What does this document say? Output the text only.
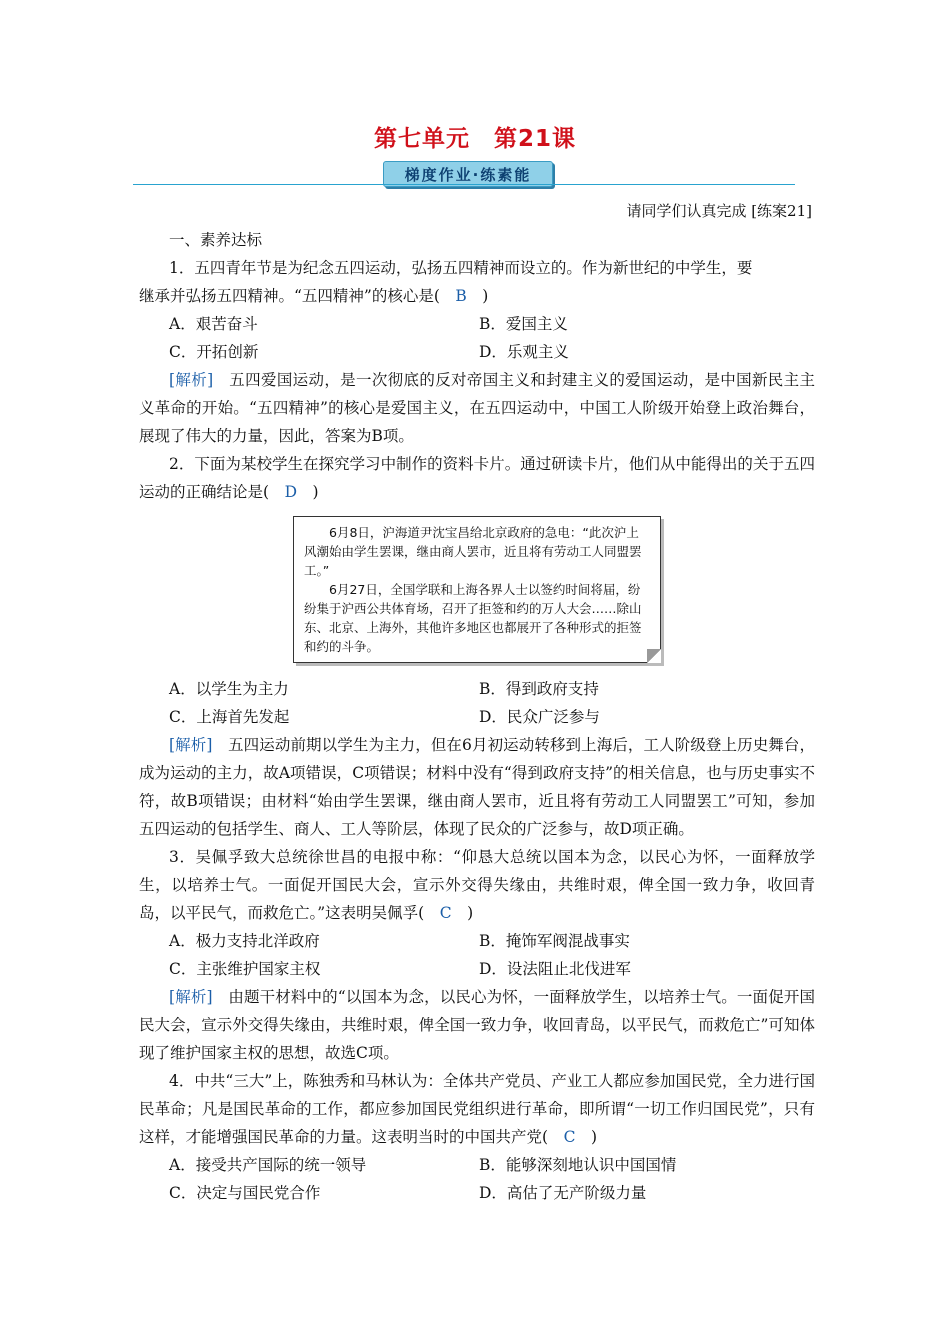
第七单元　第21课
梯度作业·练素能
请同学们认真完成 [练案21]
一、素养达标

1．五四青年节是为纪念五四运动，弘扬五四精神而设立的。作为新世纪的中学生，要

继承并弘扬五四精神。“五四精神”的核心是(　B　)

A．艰苦奋斗	B．爱国主义
C．开拓创新	D．乐观主义

[解析]　五四爱国运动，是一次彻底的反对帝国主义和封建主义的爱国运动，是中国新民主主义革命的开始。“五四精神”的核心是爱国主义，在五四运动中，中国工人阶级开始登上政治舞台，展现了伟大的力量，因此，答案为B项。

2．下面为某校学生在探究学习中制作的资料卡片。通过研读卡片，他们从中能得出的关于五四运动的正确结论是(　D　)

6月8日，沪海道尹沈宝昌给北京政府的急电：“此次沪上风潮始由学生罢课，继由商人罢市，近且将有劳动工人同盟罢工。”

6月27日，全国学联和上海各界人士以签约时间将届，纷纷集于沪西公共体育场，召开了拒签和约的万人大会……除山东、北京、上海外，其他许多地区也都展开了各种形式的拒签和约的斗争。

A．以学生为主力	B．得到政府支持
C．上海首先发起	D．民众广泛参与

[解析]　五四运动前期以学生为主力，但在6月初运动转移到上海后，工人阶级登上历史舞台，成为运动的主力，故A项错误，C项错误；材料中没有“得到政府支持”的相关信息，也与历史事实不符，故B项错误；由材料“始由学生罢课，继由商人罢市，近且将有劳动工人同盟罢工”可知，参加五四运动的包括学生、商人、工人等阶层，体现了民众的广泛参与，故D项正确。

3．吴佩孚致大总统徐世昌的电报中称：“仰恳大总统以国本为念，以民心为怀，一面释放学生，以培养士气。一面促开国民大会，宣示外交得失缘由，共维时艰，俾全国一致力争，收回青岛，以平民气，而救危亡。”这表明吴佩孚(　C　)

A．极力支持北洋政府	B．掩饰军阀混战事实
C．主张维护国家主权	D．设法阻止北伐进军

[解析]　由题干材料中的“以国本为念，以民心为怀，一面释放学生，以培养士气。一面促开国民大会，宣示外交得失缘由，共维时艰，俾全国一致力争，收回青岛，以平民气，而救危亡”可知体现了维护国家主权的思想，故选C项。

4．中共“三大”上，陈独秀和马林认为：全体共产党员、产业工人都应参加国民党，全力进行国民革命；凡是国民革命的工作，都应参加国民党组织进行革命，即所谓“一切工作归国民党”，只有这样，才能增强国民革命的力量。这表明当时的中国共产党(　C　)

A．接受共产国际的统一领导	B．能够深刻地认识中国国情
C．决定与国民党合作	D．高估了无产阶级力量
